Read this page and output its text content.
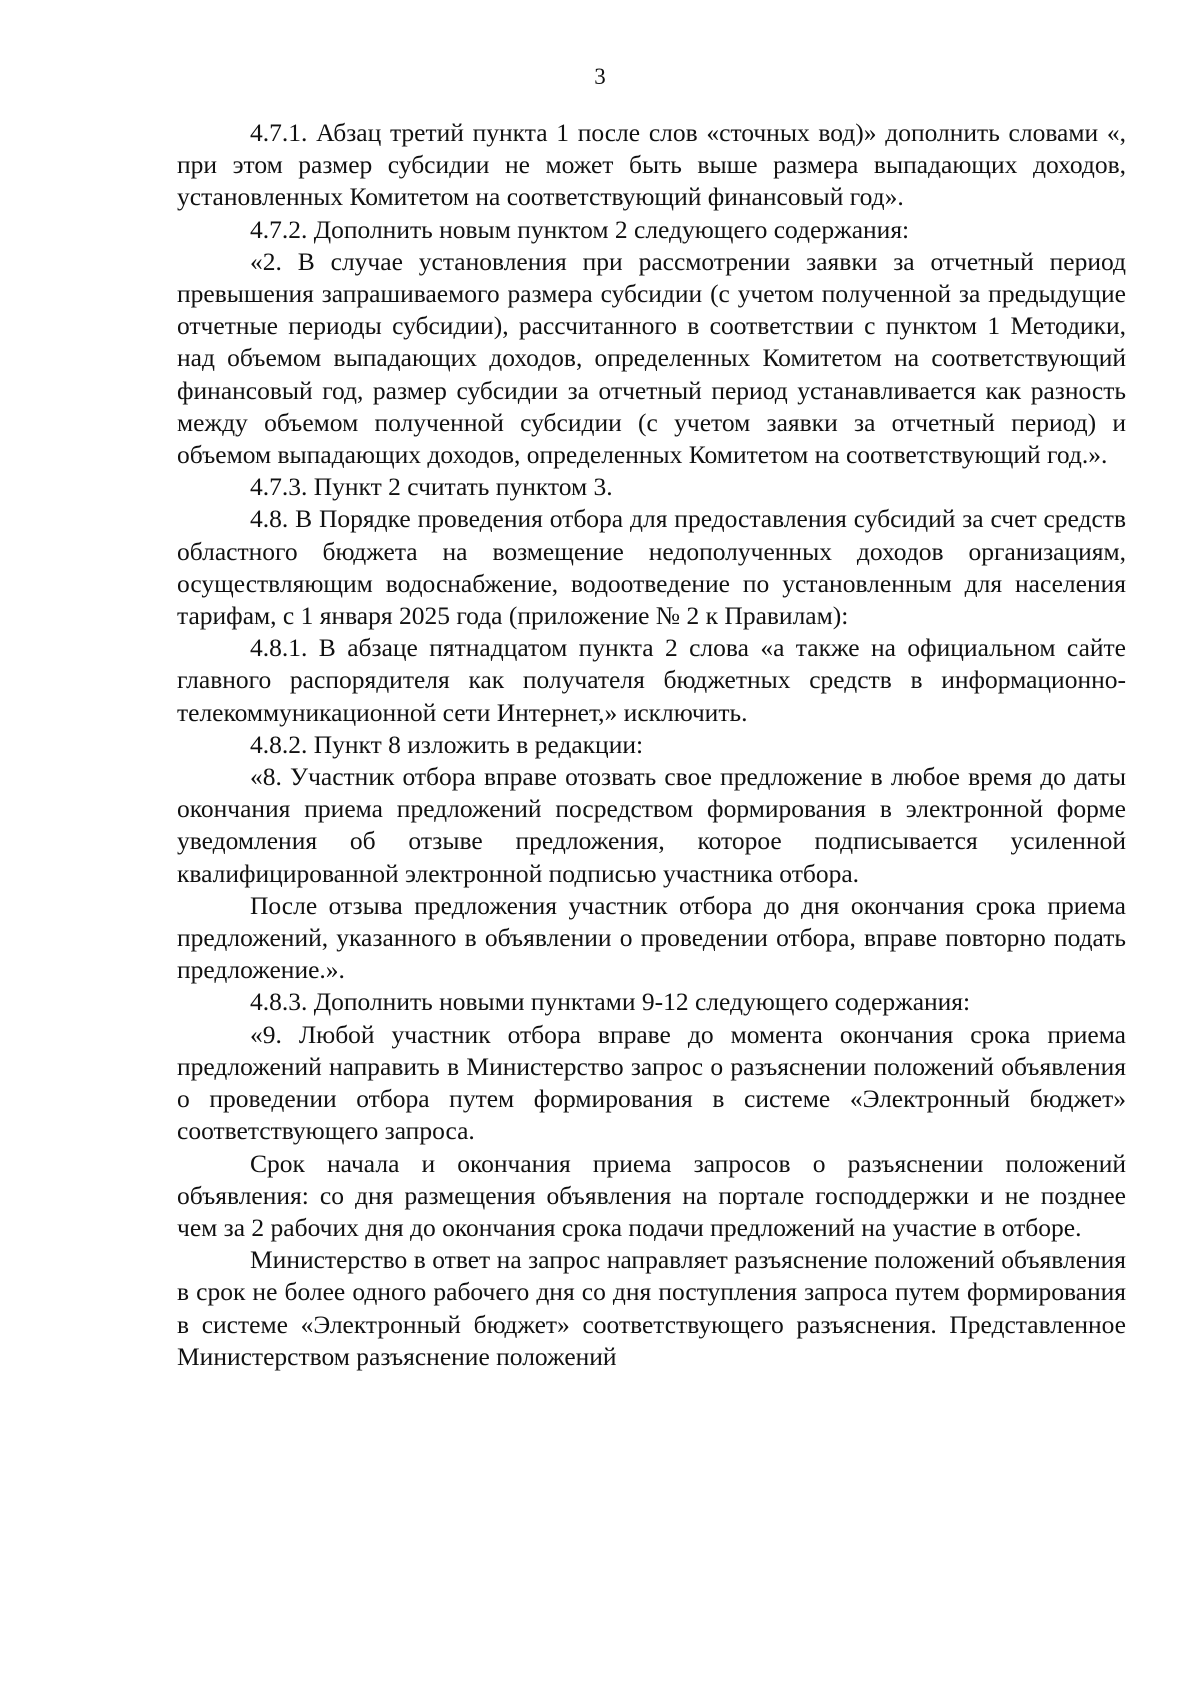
3

4.7.1. Абзац третий пункта 1 после слов «сточных вод)» дополнить словами «, при этом размер субсидии не может быть выше размера выпадающих доходов, установленных Комитетом на соответствующий финансовый год».

4.7.2. Дополнить новым пунктом 2 следующего содержания:

«2. В случае установления при рассмотрении заявки за отчетный период превышения запрашиваемого размера субсидии (с учетом полученной за предыдущие отчетные периоды субсидии), рассчитанного в соответствии с пунктом 1 Методики, над объемом выпадающих доходов, определенных Комитетом на соответствующий финансовый год, размер субсидии за отчетный период устанавливается как разность между объемом полученной субсидии (с учетом заявки за отчетный период) и объемом выпадающих доходов, определенных Комитетом на соответствующий год.».

4.7.3. Пункт 2 считать пунктом 3.

4.8. В Порядке проведения отбора для предоставления субсидий за счет средств областного бюджета на возмещение недополученных доходов организациям, осуществляющим водоснабжение, водоотведение по установленным для населения тарифам, с 1 января 2025 года (приложение № 2 к Правилам):

4.8.1. В абзаце пятнадцатом пункта 2 слова «а также на официальном сайте главного распорядителя как получателя бюджетных средств в информационно-телекоммуникационной сети Интернет,» исключить.

4.8.2. Пункт 8 изложить в редакции:

«8. Участник отбора вправе отозвать свое предложение в любое время до даты окончания приема предложений посредством формирования в электронной форме уведомления об отзыве предложения, которое подписывается усиленной квалифицированной электронной подписью участника отбора.

После отзыва предложения участник отбора до дня окончания срока приема предложений, указанного в объявлении о проведении отбора, вправе повторно подать предложение.».

4.8.3. Дополнить новыми пунктами 9-12 следующего содержания:

«9. Любой участник отбора вправе до момента окончания срока приема предложений направить в Министерство запрос о разъяснении положений объявления о проведении отбора путем формирования в системе «Электронный бюджет» соответствующего запроса.

Срок начала и окончания приема запросов о разъяснении положений объявления: со дня размещения объявления на портале господдержки и не позднее чем за 2 рабочих дня до окончания срока подачи предложений на участие в отборе.

Министерство в ответ на запрос направляет разъяснение положений объявления в срок не более одного рабочего дня со дня поступления запроса путем формирования в системе «Электронный бюджет» соответствующего разъяснения. Представленное Министерством разъяснение положений
